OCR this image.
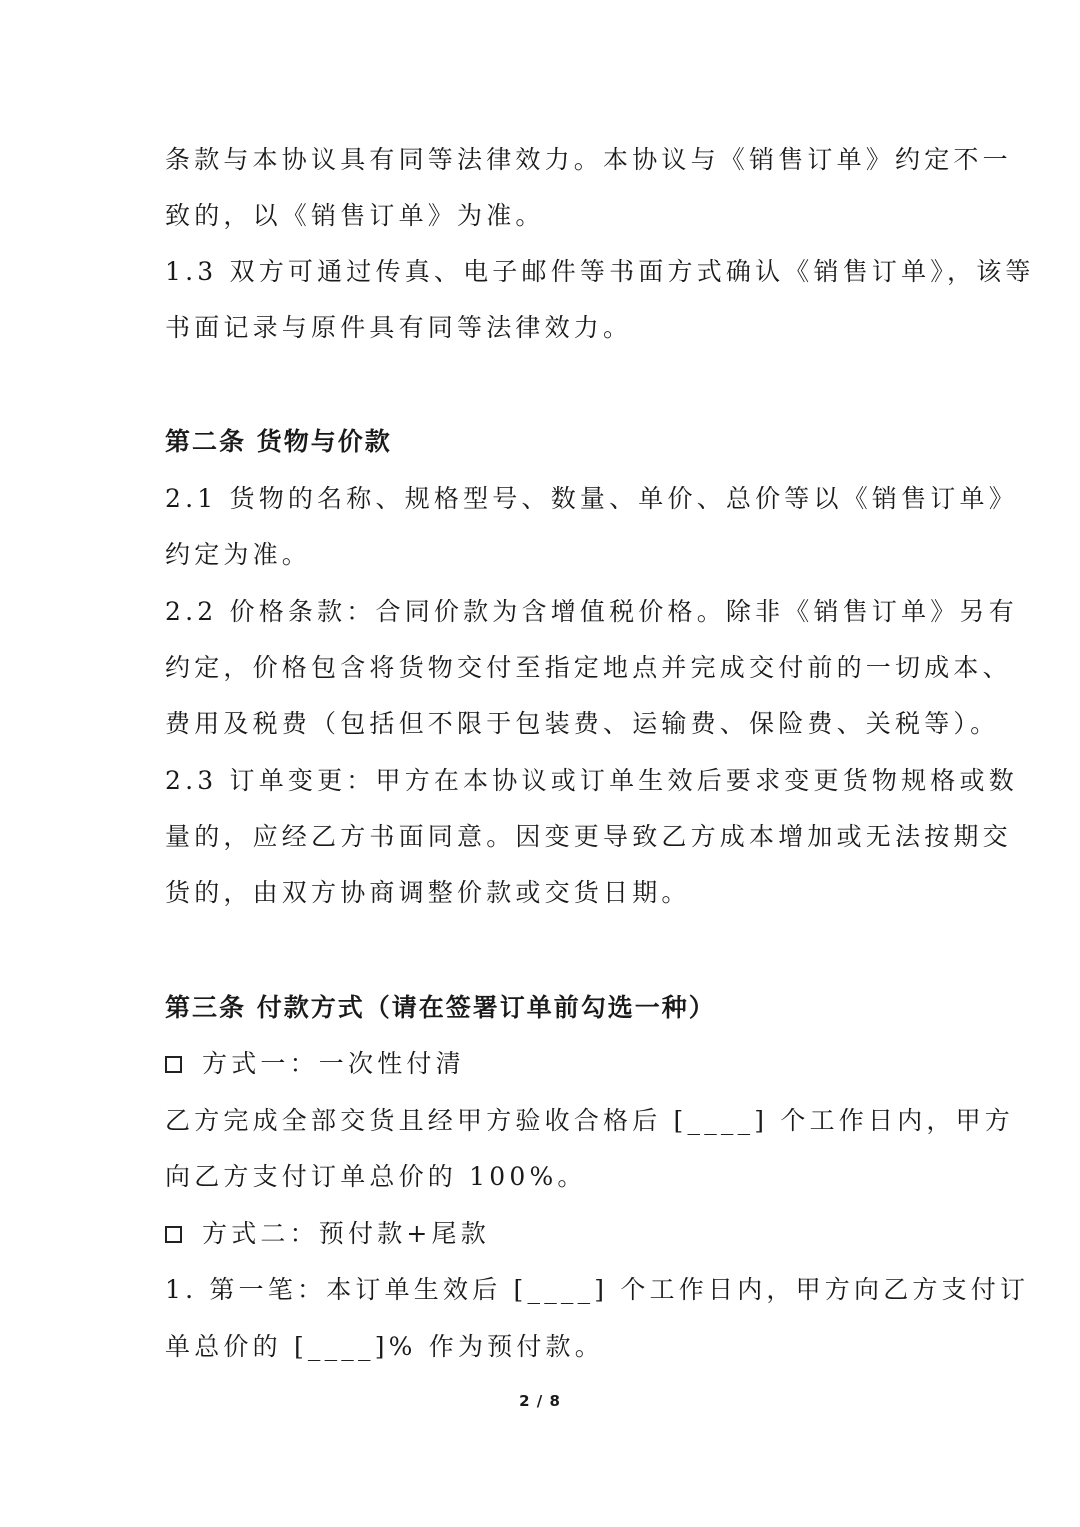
条款与本协议具有同等法律效力。本协议与《销售订单》约定不一
致的，以《销售订单》为准。
1.3 双方可通过传真、电子邮件等书面方式确认《销售订单》，该等
书面记录与原件具有同等法律效力。
第二条 货物与价款
2.1 货物的名称、规格型号、数量、单价、总价等以《销售订单》
约定为准。
2.2 价格条款：合同价款为含增值税价格。除非《销售订单》另有
约定，价格包含将货物交付至指定地点并完成交付前的一切成本、
费用及税费（包括但不限于包装费、运输费、保险费、关税等）。
2.3 订单变更：甲方在本协议或订单生效后要求变更货物规格或数
量的，应经乙方书面同意。因变更导致乙方成本增加或无法按期交
货的，由双方协商调整价款或交货日期。
第三条 付款方式（请在签署订单前勾选一种）
方式一：一次性付清
乙方完成全部交货且经甲方验收合格后 [____] 个工作日内，甲方
向乙方支付订单总价的 100%。
方式二：预付款+尾款
1. 第一笔：本订单生效后 [____] 个工作日内，甲方向乙方支付订
单总价的 [____]% 作为预付款。
2 / 8
